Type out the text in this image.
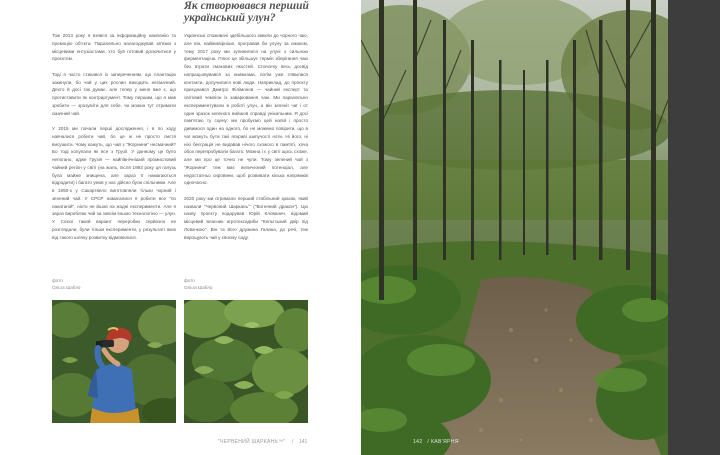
Як створювався перший український улун?

Тож 2013 року я взявся за інформаційну кампанію та промоцію об'єкта. Паралельно налагоджував зв'язки з місцевими ентузіастами, хто був готовий долючитися у проєктом.

Тоді я часто стикався із запереченням, що плантацію закинули, бо чай у цих рослин виходить несмачний. Дехто й досі так думає, але тепер у мене вже є, що протиставити як контраргумент. Тому першим, що я мав зробити — зрозуміти для себе, чи можна тут отримати смачний чай.

У 2015 ми почали перші дослідження, і в по ходу навчалися робити чай, бо це ж не просто листя висушити. Чому кажуть, що чай з "Жорнини" несмачний? Бо тоді колупали як все з Грузії. У данному це було непогано, адже Грузія — найпівнічніший промисловий чайний регіон у світі (на жаль, після 1993 року ця галузь була майже знищена, але зараз її намагаються відродити) і багато умов у нас дійсно були спільними. Але в 1950-х у Сакартвело виготовляли тільки чорний і зелений чай. У СРСР намагалися я робити все "по накатаній", ніхто не йшов на жодні експерименти. Але я зараз виробляю чай за зовсім іншою технологією — улун. У Союзі такий варіант переробки серйозно не розглядали, були тільки експерименти, у результаті яких від такого шляху розвитку відмовилися.

Українські споживачі здебільшого звикли до чорного чаю, але він, найімовірніше, програвав би улуну за смаком, тому 2017 року ми зупинилися на улуні з сильною ферментацією. Плюс це збільшує термін зберігання чаю без втрати смакових якостей. Спочатку весь досвід напрацьовувався за книжками, потім уже з'явилися контакти, долучилися нові люди. Наприклад, до проєкту приєднався Дмитро Філімонов — чайний експерт та світовий чемпіон із заварювання чаю. Ми паралельно експериментували в роботі улун, а він зеленії чаї і от один зразок зеленого вийшов справді унікальним. Я досі пам'ятаю ту сцену: ми пробуємо цей напій і просто дивимося один на одного, бо не можемо повірити, що в чаї можуть бути такі яскраві шипучості ноти. Ні його, ні ніхі беєграція не видавав нічого схожого в пам'яті, хоча обох перепробували багато. Можна і є у світі щось схоже, але ми про це точно не чули. Тому зелений чай з "Жорнини" теж має величезний потенціал, але недостатньо сировини, щоб розвивати кілька напрямків одночасно.

2020 року ми отримали перший стабільний зразок, який назвали "Червоний Шарканьʼ" ("Вогняний дракон"). Цю назву проєкту подарував Юрій Клованич, відомий місцевий власник агротехсадиби "Кельтський двір під Ловачкою". Він та його дружина Галина, до речі, теж вирощують чай у своєму саду.

фото
Ольга Шабло
фото
Ольга Шабло
"ЧЕРВЕНИЙ ШАРКАНЬ™" / 141	142 / КАВ'ЯРНЯ
